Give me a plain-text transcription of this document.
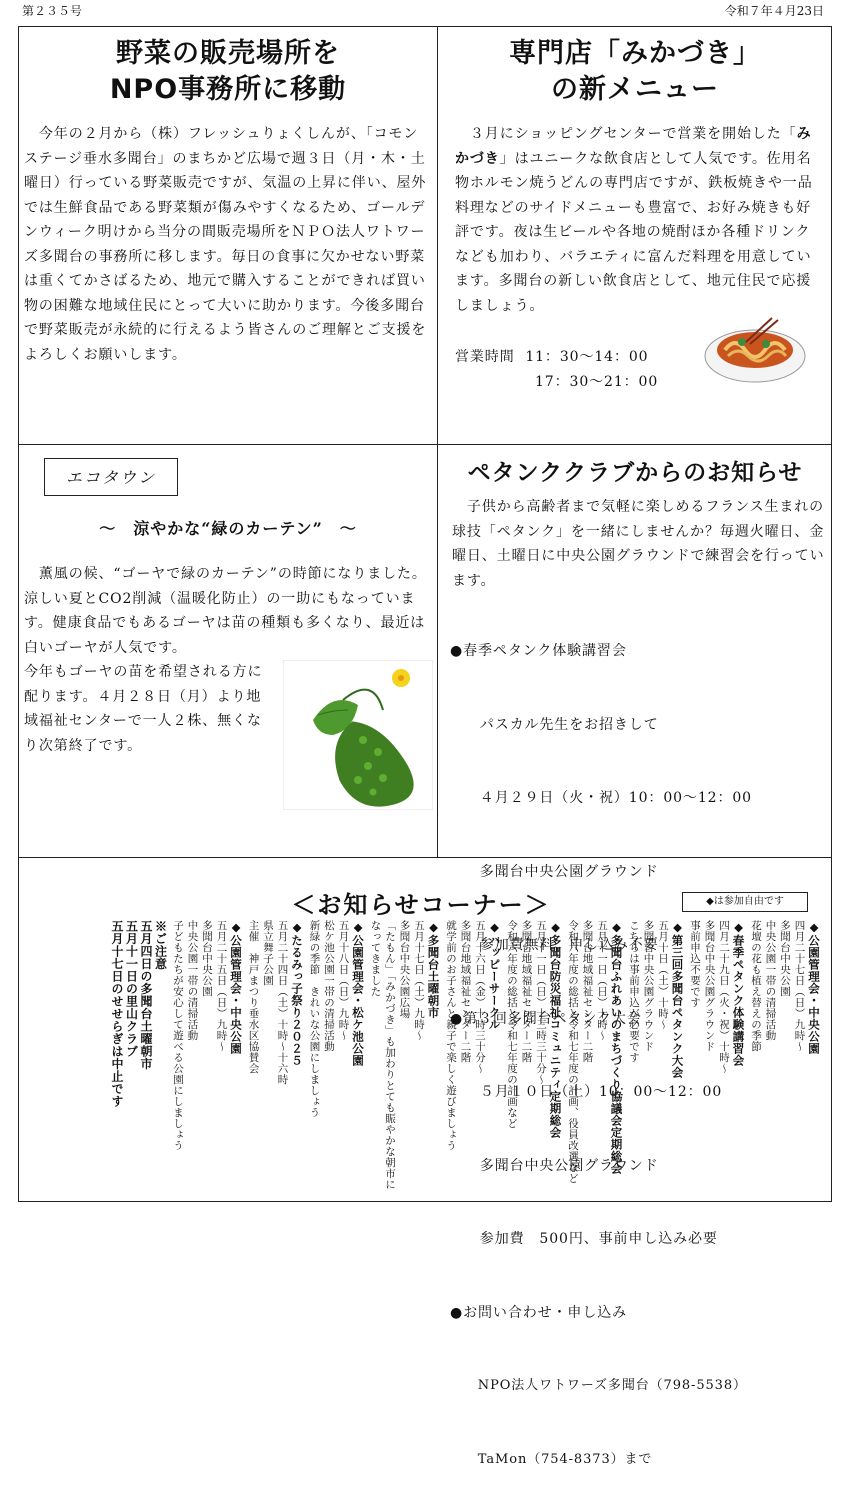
第２３５号	令和７年４月23日
野菜の販売場所を
NPO事務所に移動
　今年の２月から（株）フレッシュりょくしんが、「コモンステージ垂水多聞台」のまちかど広場で週３日（月・木・土曜日）行っている野菜販売ですが、気温の上昇に伴い、屋外では生鮮食品である野菜類が傷みやすくなるため、ゴールデンウィーク明けから当分の間販売場所をＮＰＯ法人ワトワーズ多聞台の事務所に移します。毎日の食事に欠かせない野菜は重くてかさばるため、地元で購入することができれば買い物の困難な地域住民にとって大いに助かります。今後多聞台で野菜販売が永続的に行えるよう皆さんのご理解とご支援をよろしくお願いします。
専門店「みかづき」
の新メニュー
　３月にショッピングセンターで営業を開始した「みかづき」はユニークな飲食店として人気です。佐用名物ホルモン焼うどんの専門店ですが、鉄板焼きや一品料理などのサイドメニューも豊富で、お好み焼きも好評です。夜は生ビールや各地の焼酎ほか各種ドリンクなども加わり、バラエティに富んだ料理を用意しています。多聞台の新しい飲食店として、地元住民で応援しましょう。
営業時間 11：30〜14：00
17：30〜21：00
エコタウン
〜　涼やかな“緑のカーテン”　〜
　薫風の候、“ゴーヤで緑のカーテン”の時節になりました。涼しい夏とCO2削減（温暖化防止）の一助にもなっています。健康食品でもあるゴーヤは苗の種類も多くなり、最近は白いゴーヤが人気です。
今年もゴーヤの苗を希望される方に配ります。４月２８日（月）より地域福祉センターで一人２株、無くなり次第終了です。
ペタンククラブからのお知らせ
　子供から高齢者まで気軽に楽しめるフランス生まれの球技「ペタンク」を一緒にしませんか？毎週火曜日、金曜日、土曜日に中央公園グラウンドで練習会を行っています。

●春季ペタンク体験講習会

　　パスカル先生をお招きして

　　４月２９日（火・祝）10：00〜12：00

　　多聞台中央公園グラウンド

　　参加費無料、申し込み不要

●第３回多聞台ペタンク大会

　　５月１０日（土）10：00〜12：00

　　多聞台中央公園グラウンド

　　参加費　500円、事前申し込み必要

●お問い合わせ・申し込み

　　NPO法人ワトワーズ多聞台（798-5538）

　　TaMon（754-8373）まで

＜お知らせコーナー＞	◆は参加自由です
◆公園管理会・中央公園
四月二十七日（日）九時〜
多聞台中央公園
中央公園一帯の清掃活動
花壇の花も植え替えの季節
◆春季ペタンク体験講習会
四月二十九日（火・祝）十時〜
多聞台中央公園グラウンド
事前申込不要です
◆第三回多聞台ペタンク大会
五月十日（土）十時〜
多聞台中央公園グラウンド
こちらは事前申込が必要です
◆多聞台ふれあいのまちづくり協議会定期総会
五月十一日（日）十時〜
多聞台地域福祉センター二階
令和六年度の総括と令和七年度の計画、役員改選など
◆多聞台防災福祉コミュニティ定期総会
五月十一日（日）十三時三十分〜
多聞台地域福祉センター二階
令和六年度の総括と令和七年度の計画など
◆ハッピーサークル
五月十六日（金）十時三十分〜
多聞台地域福祉センター二階
就学前のお子さんと親子で楽しく遊びましょう
◆多聞台土曜朝市
五月十七日（土）九時〜
多聞台中央公園広場
「たもん」「みかづき」も加わりとても賑やかな朝市になってきました
◆公園管理会・松ケ池公園
五月十八日（日）九時〜
松ケ池公園一帯の清掃活動
新緑の季節　きれいな公園にしましょう
◆たるみっ子祭り２０２５
五月二十四日（土）十時〜十六時
県立舞子公園
主催　神戸まつり垂水区協賛会
◆公園管理会・中央公園
五月二十五日（日）九時〜
多聞台中央公園
中央公園一帯の清掃活動
子どもたちが安心して遊べる公園にしましょう
※ご注意
五月四日の多聞台土曜朝市
五月十一日の里山クラブ
五月十七日のせせらぎは中止です
